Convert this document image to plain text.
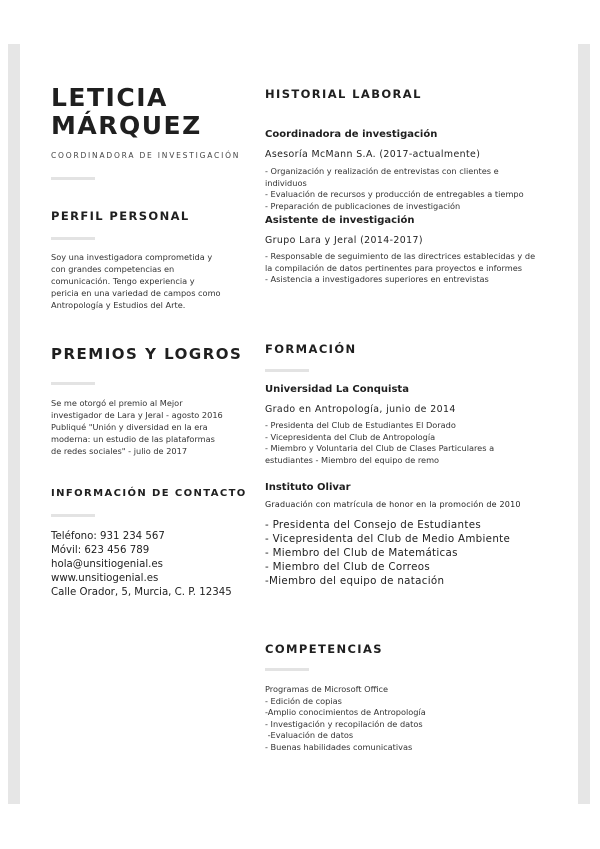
LETICIA
MÁRQUEZ
COORDINADORA DE INVESTIGACIÓN
PERFIL PERSONAL
Soy una investigadora comprometida y
con grandes competencias en
comunicación. Tengo experiencia y
pericia en una variedad de campos como
Antropología y Estudios del Arte.
PREMIOS Y LOGROS
Se me otorgó el premio al Mejor
investigador de Lara y Jeral - agosto 2016
Publiqué "Unión y diversidad en la era
moderna: un estudio de las plataformas
de redes sociales" - julio de 2017
INFORMACIÓN DE CONTACTO
Teléfono: 931 234 567
Móvil: 623 456 789
hola@unsitiogenial.es
www.unsitiogenial.es
Calle Orador, 5, Murcia, C. P. 12345
HISTORIAL LABORAL
Coordinadora de investigación
Asesoría McMann S.A. (2017-actualmente)
- Organización y realización de entrevistas con clientes e
individuos
- Evaluación de recursos y producción de entregables a tiempo
- Preparación de publicaciones de investigación
Asistente de investigación
Grupo Lara y Jeral (2014-2017)
- Responsable de seguimiento de las directrices establecidas y de
la compilación de datos pertinentes para proyectos e informes
- Asistencia a investigadores superiores en entrevistas
FORMACIÓN
Universidad La Conquista
Grado en Antropología, junio de 2014
- Presidenta del Club de Estudiantes El Dorado
- Vicepresidenta del Club de Antropología
- Miembro y Voluntaria del Club de Clases Particulares a
estudiantes - Miembro del equipo de remo
Instituto Olivar
Graduación con matrícula de honor en la promoción de 2010
- Presidenta del Consejo de Estudiantes
- Vicepresidenta del Club de Medio Ambiente
- Miembro del Club de Matemáticas
- Miembro del Club de Correos
-Miembro del equipo de natación
COMPETENCIAS
Programas de Microsoft Office
- Edición de copias
-Amplio conocimientos de Antropología
- Investigación y recopilación de datos
-Evaluación de datos
- Buenas habilidades comunicativas
